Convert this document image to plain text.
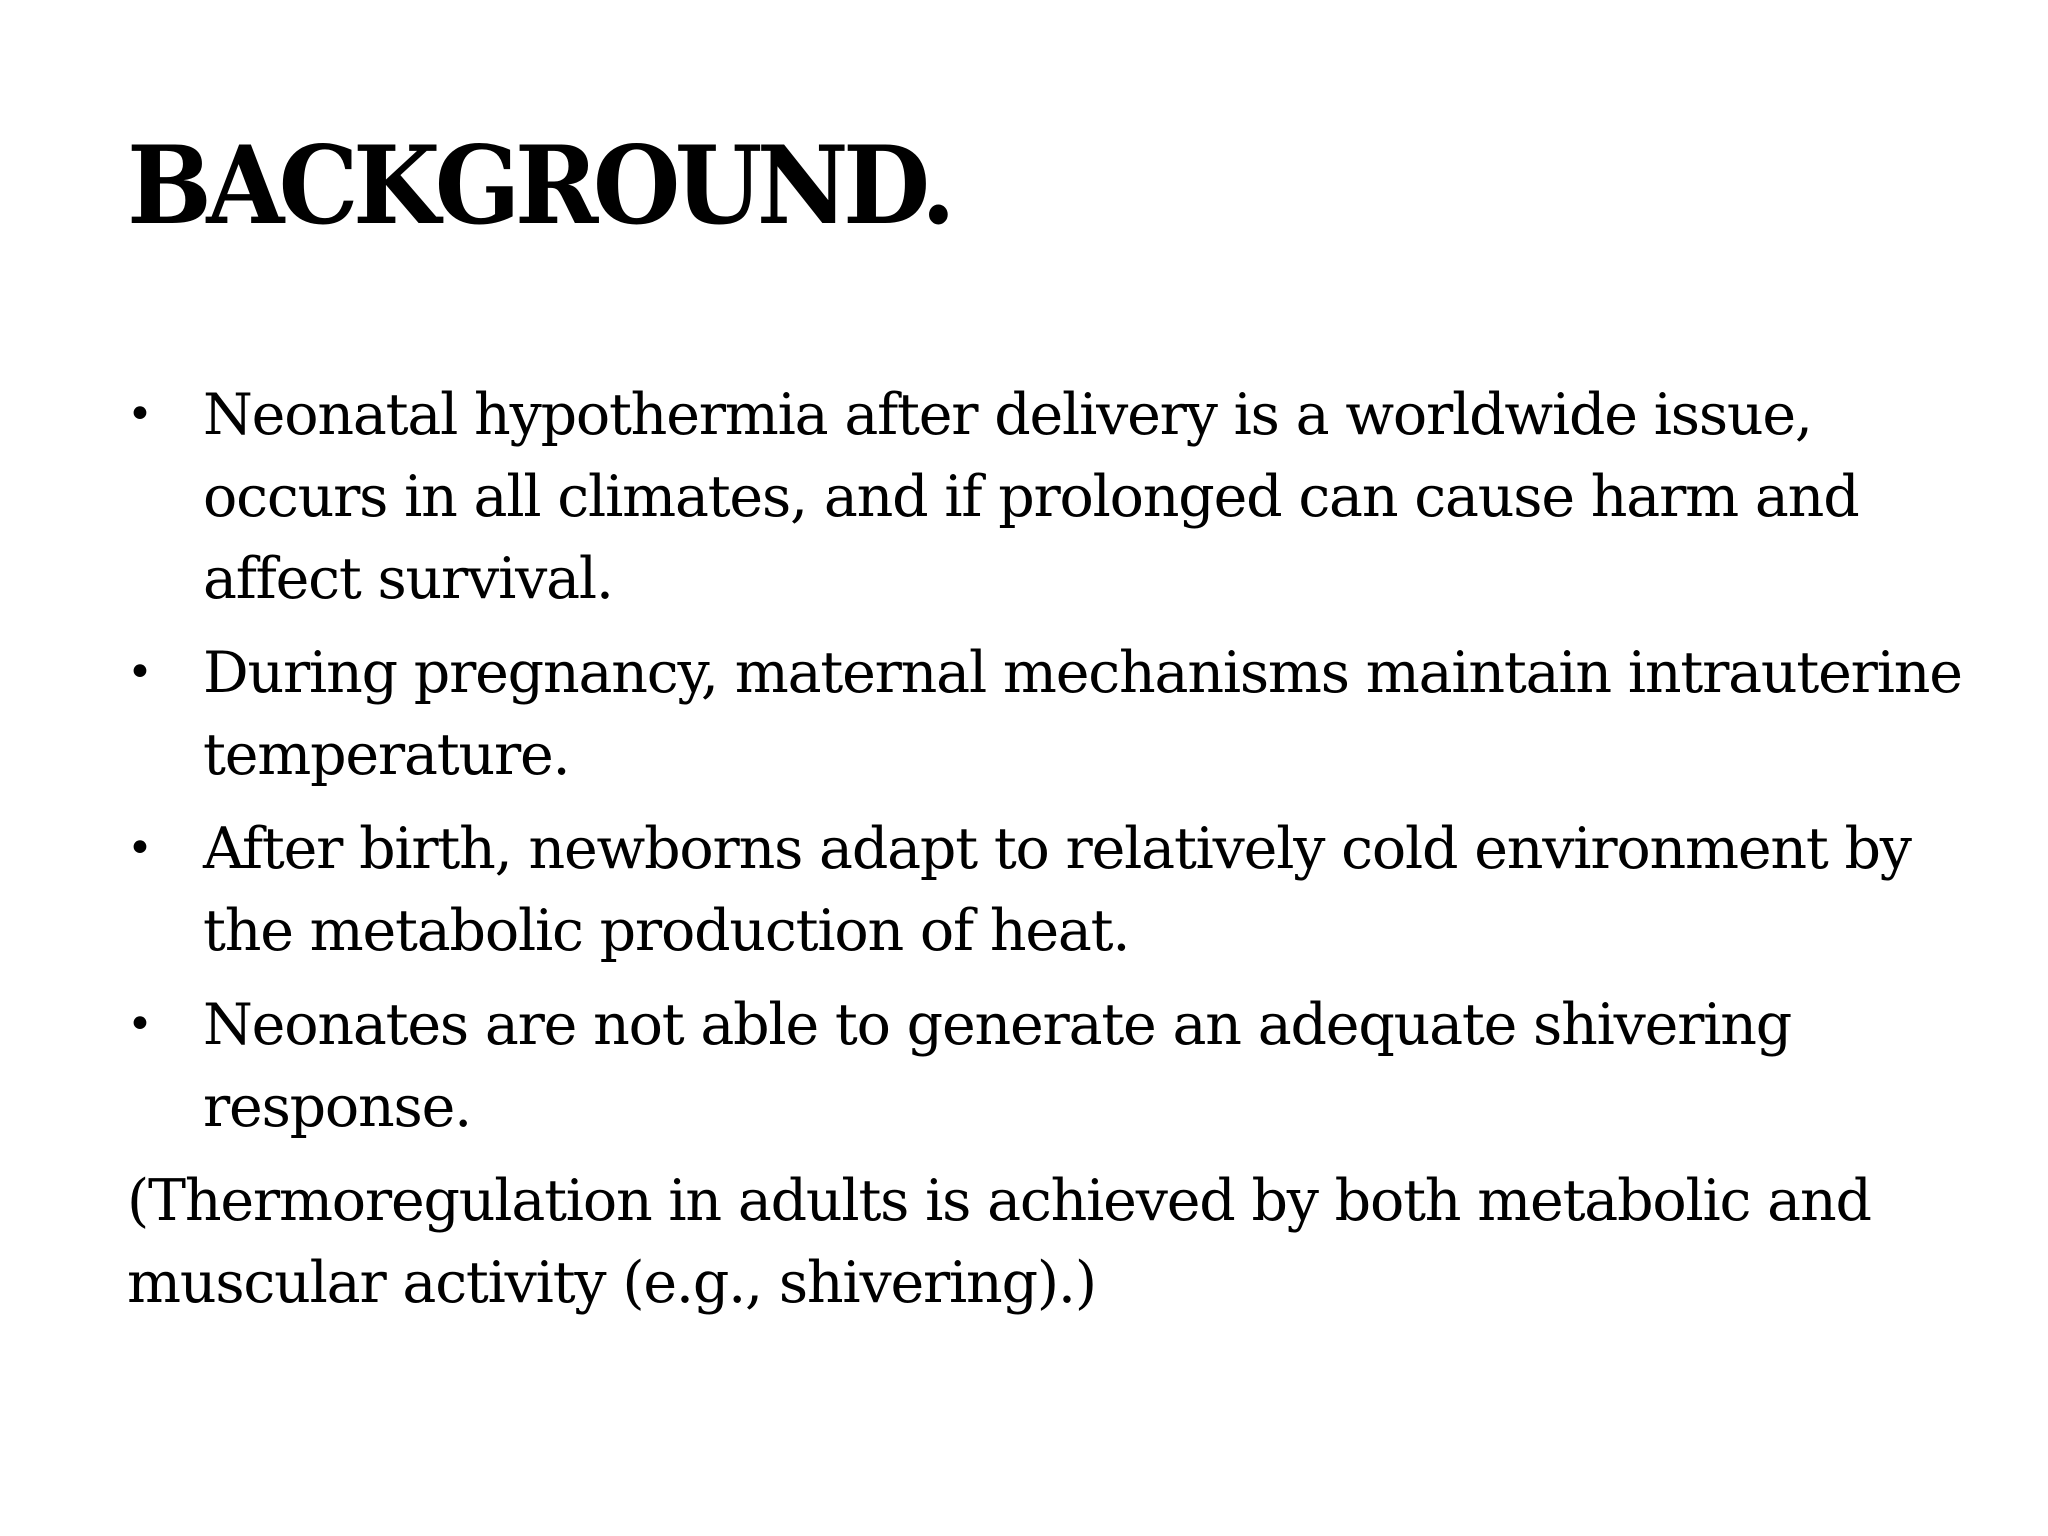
BACKGROUND.
• Neonatal hypothermia after delivery is a worldwide issue, occurs in all climates, and if prolonged can cause harm and affect survival.
• During pregnancy, maternal mechanisms maintain intrauterine temperature.
• After birth, newborns adapt to relatively cold environment by the metabolic production of heat.
• Neonates are not able to generate an adequate shivering response.

(Thermoregulation in adults is achieved by both metabolic and muscular activity (e.g., shivering).)
